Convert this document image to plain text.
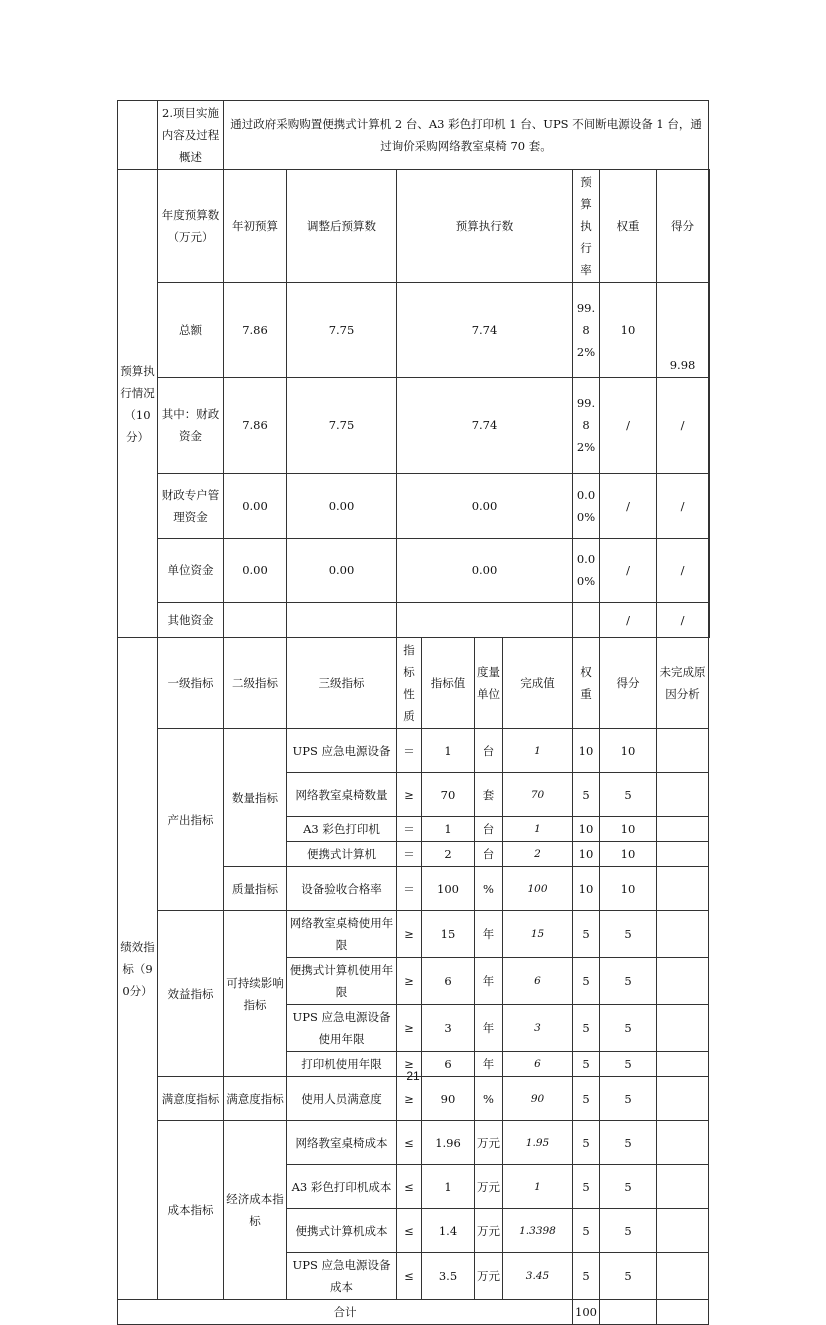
	2.项目实施内容及过程概述	通过政府采购购置便携式计算机 2 台、A3 彩色打印机 1 台、UPS 不间断电源设备 1 台，通过询价采购网络教室桌椅 70 套。									
预算执行情况（10分）	年度预算数（万元）	年初预算	调整后预算数	预算执行数				预算执行率	权重	得分	
	总额	7.86	7.75	7.74				99.82%	10	9.98	
	其中：财政资金	7.86	7.75	7.74				99.82%	/	/	
	财政专户管理资金	0.00	0.00	0.00				0.00%	/	/	
	单位资金	0.00	0.00	0.00				0.00%	/	/	
	其他资金								/	/	
绩效指标（90分）	一级指标	二级指标	三级指标	指标性质	指标值	度量单位	完成值	权重	得分	未完成原因分析	
	产出指标	数量指标	UPS 应急电源设备	＝	1	台	1	10	10		
			网络教室桌椅数量	≥	70	套	70	5	5		
			A3 彩色打印机	＝	1	台	1	10	10		
			便携式计算机	＝	2	台	2	10	10		
		质量指标	设备验收合格率	＝	100	%	100	10	10		
	效益指标	可持续影响指标	网络教室桌椅使用年限	≥	15	年	15	5	5		
			便携式计算机使用年限	≥	6	年	6	5	5		
			UPS 应急电源设备使用年限	≥	3	年	3	5	5		
			打印机使用年限	≥	6	年	6	5	5		
	满意度指标	满意度指标	使用人员满意度	≥	90	%	90	5	5		
	成本指标	经济成本指标	网络教室桌椅成本	≤	1.96	万元	1.95	5	5		
			A3 彩色打印机成本	≤	1	万元	1	5	5		
			便携式计算机成本	≤	1.4	万元	1.3398	5	5		
			UPS 应急电源设备成本	≤	3.5	万元	3.45	5	5		
合计								100			
21
